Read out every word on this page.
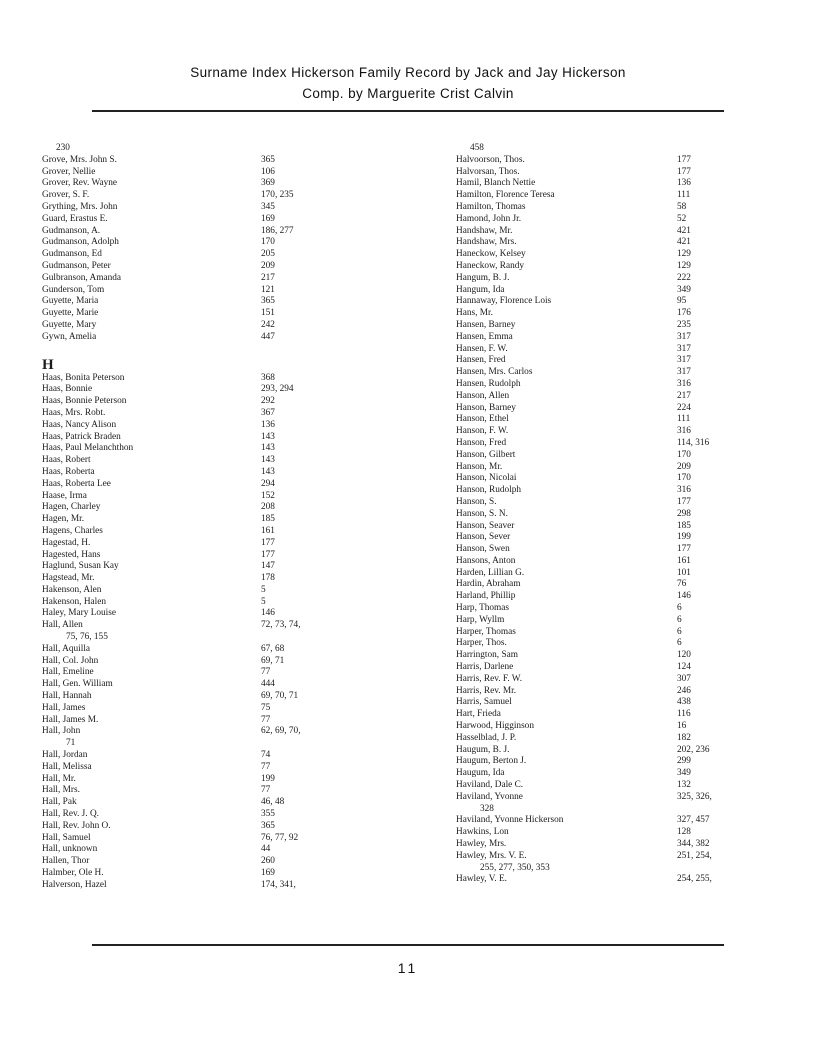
Surname Index Hickerson Family Record by Jack and Jay Hickerson
Comp. by Marguerite Crist Calvin
230
Grove, Mrs. John S.	365
Grover, Nellie	106
Grover, Rev. Wayne	369
Grover, S. F.	170, 235
Grything, Mrs. John	345
Guard, Erastus E.	169
Gudmanson, A.	186, 277
Gudmanson, Adolph	170
Gudmanson, Ed	205
Gudmanson, Peter	209
Gulbranson, Amanda	217
Gunderson, Tom	121
Guyette, Maria	365
Guyette, Marie	151
Guyette, Mary	242
Gywn, Amelia	447
H
Haas, Bonita Peterson	368
Haas, Bonnie	293, 294
Haas, Bonnie Peterson	292
Haas, Mrs. Robt.	367
Haas, Nancy Alison	136
Haas, Patrick Braden	143
Haas, Paul Melanchthon	143
Haas, Robert	143
Haas, Roberta	143
Haas, Roberta Lee	294
Haase, Irma	152
Hagen, Charley	208
Hagen, Mr.	185
Hagens, Charles	161
Hagestad, H.	177
Hagested, Hans	177
Haglund, Susan Kay	147
Hagstead, Mr.	178
Hakenson, Alen	5
Hakenson, Halen	5
Haley, Mary Louise	146
Hall, Allen	72, 73, 74,
75, 76, 155
Hall, Aquilla	67, 68
Hall, Col. John	69, 71
Hall, Emeline	77
Hall, Gen. William	444
Hall, Hannah	69, 70, 71
Hall, James	75
Hall, James M.	77
Hall, John	62, 69, 70,
71
Hall, Jordan	74
Hall, Melissa	77
Hall, Mr.	199
Hall, Mrs.	77
Hall, Pak	46, 48
Hall, Rev. J. Q.	355
Hall, Rev. John O.	365
Hall, Samuel	76, 77, 92
Hall, unknown	44
Hallen, Thor	260
Halmber, Ole H.	169
Halverson, Hazel	174, 341,
458
Halvoorson, Thos.	177
Halvorsan, Thos.	177
Hamil, Blanch Nettie	136
Hamilton, Florence Teresa	111
Hamilton, Thomas	58
Hamond, John Jr.	52
Handshaw, Mr.	421
Handshaw, Mrs.	421
Haneckow, Kelsey	129
Haneckow, Randy	129
Hangum, B. J.	222
Hangum, Ida	349
Hannaway, Florence Lois	95
Hans, Mr.	176
Hansen, Barney	235
Hansen, Emma	317
Hansen, F. W.	317
Hansen, Fred	317
Hansen, Mrs. Carlos	317
Hansen, Rudolph	316
Hanson, Allen	217
Hanson, Barney	224
Hanson, Ethel	111
Hanson, F. W.	316
Hanson, Fred	114, 316
Hanson, Gilbert	170
Hanson, Mr.	209
Hanson, Nicolai	170
Hanson, Rudolph	316
Hanson, S.	177
Hanson, S. N.	298
Hanson, Seaver	185
Hanson, Sever	199
Hanson, Swen	177
Hansons, Anton	161
Harden, Lillian G.	101
Hardin, Abraham	76
Harland, Phillip	146
Harp, Thomas	6
Harp, Wyllm	6
Harper, Thomas	6
Harper, Thos.	6
Harrington, Sam	120
Harris, Darlene	124
Harris, Rev. F. W.	307
Harris, Rev. Mr.	246
Harris, Samuel	438
Hart, Frieda	116
Harwood, Higginson	16
Hasselblad, J. P.	182
Haugum, B. J.	202, 236
Haugum, Berton J.	299
Haugum, Ida	349
Haviland, Dale C.	132
Haviland, Yvonne	325, 326,
328
Haviland, Yvonne Hickerson	327, 457
Hawkins, Lon	128
Hawley, Mrs.	344, 382
Hawley, Mrs. V. E.	251, 254,
255, 277, 350, 353
Hawley, V. E.	254, 255,
11
